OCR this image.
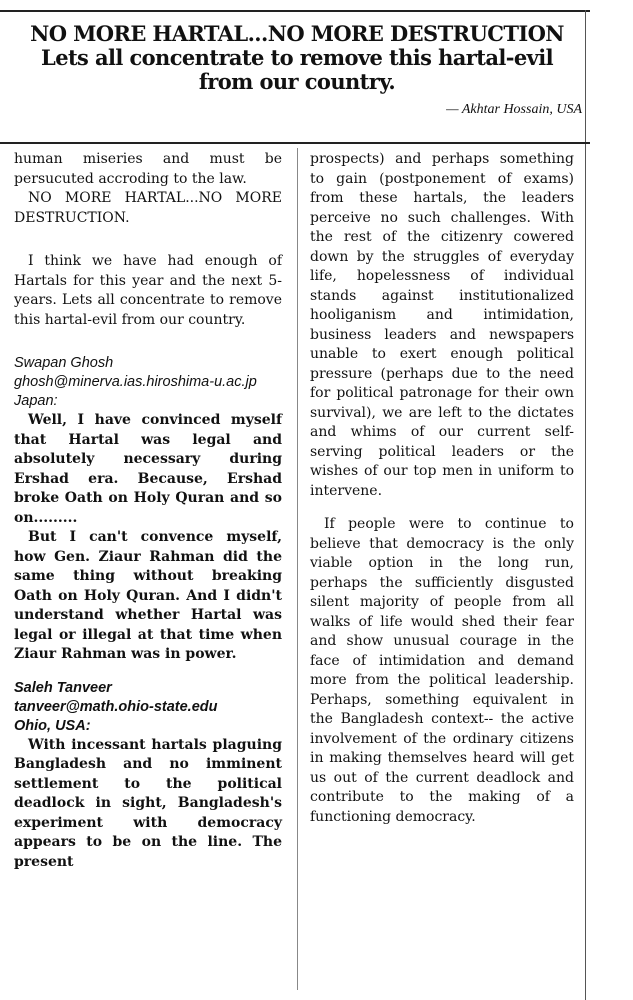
NO MORE HARTAL...NO MORE DESTRUCTION
Lets all concentrate to remove this hartal-evil
from our country.
— Akhtar Hossain, USA

human miseries and must be persucuted accroding to the law.

NO MORE HARTAL...NO MORE DESTRUCTION.

I think we have had enough of Hartals for this year and the next 5-years. Lets all concentrate to remove this hartal-evil from our country.

Swapan Ghosh

ghosh@minerva.ias.hiroshima-u.ac.jp

Japan:

Well, I have convinced myself that Hartal was legal and absolutely necessary during Ershad era. Because, Ershad broke Oath on Holy Quran and so on.........

But I can't convence myself, how Gen. Ziaur Rahman did the same thing without breaking Oath on Holy Quran. And I didn't understand whether Hartal was legal or illegal at that time when Ziaur Rahman was in power.

Saleh Tanveer

tanveer@math.ohio-state.edu

Ohio, USA:

With incessant hartals plaguing Bangladesh and no imminent settlement to the political deadlock in sight, Bangladesh's experiment with democracy appears to be on the line. The present

prospects) and perhaps something to gain (postponement of exams) from these hartals, the leaders perceive no such challenges. With the rest of the citizenry cowered down by the struggles of everyday life, hopelessness of individual stands against institutionalized hooliganism and intimidation, business leaders and newspapers unable to exert enough political pressure (perhaps due to the need for political patronage for their own survival), we are left to the dictates and whims of our current self-serving political leaders or the wishes of our top men in uniform to intervene.

If people were to continue to believe that democracy is the only viable option in the long run, perhaps the sufficiently disgusted silent majority of people from all walks of life would shed their fear and show unusual courage in the face of intimidation and demand more from the political leadership. Perhaps, something equivalent in the Bangladesh context-- the active involvement of the ordinary citizens in making themselves heard will get us out of the current deadlock and contribute to the making of a functioning democracy.
